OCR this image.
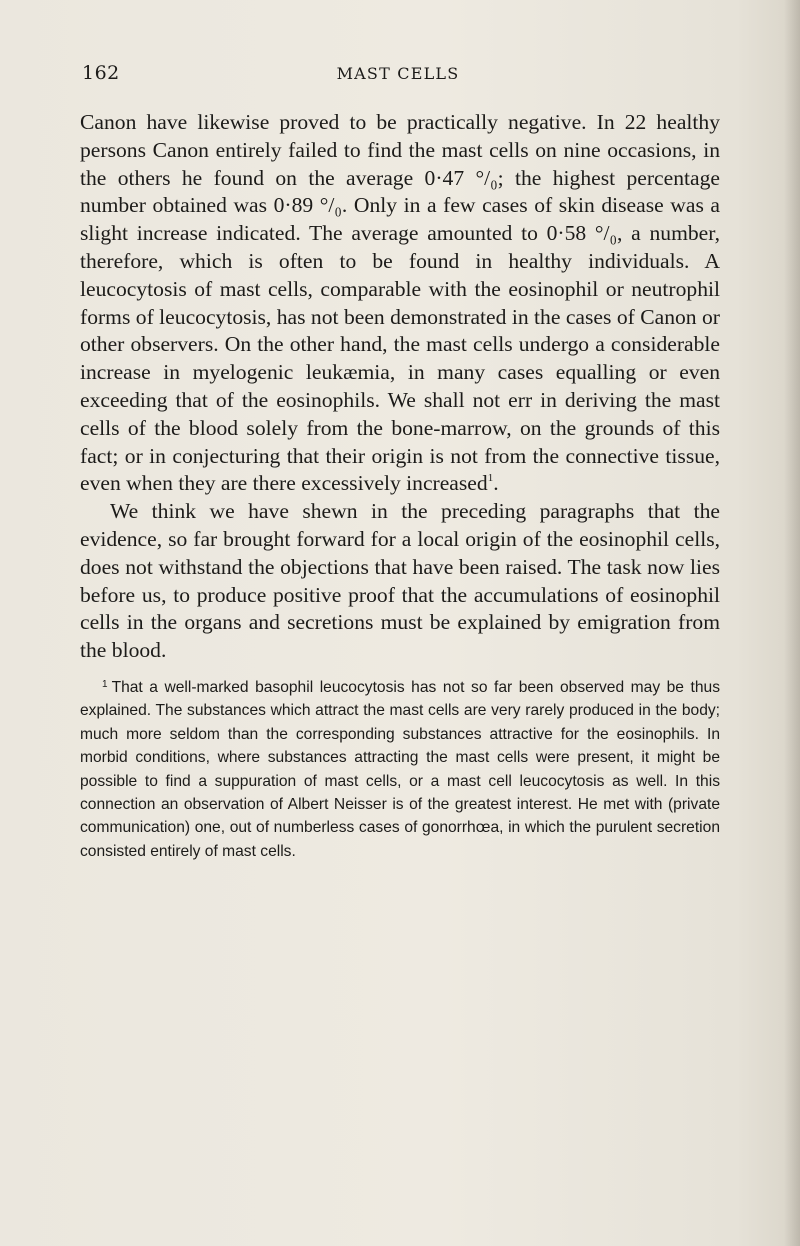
162	MAST CELLS

Canon have likewise proved to be practically negative. In 22 healthy persons Canon entirely failed to find the mast cells on nine occasions, in the others he found on the average 0·47 °/₀; the highest percentage number obtained was 0·89 °/₀. Only in a few cases of skin disease was a slight increase indicated. The average amounted to 0·58 °/₀, a number, therefore, which is often to be found in healthy individuals. A leucocytosis of mast cells, comparable with the eosinophil or neutrophil forms of leucocytosis, has not been demonstrated in the cases of Canon or other observers. On the other hand, the mast cells undergo a considerable increase in myelogenic leukæmia, in many cases equalling or even exceeding that of the eosinophils. We shall not err in deriving the mast cells of the blood solely from the bone-marrow, on the grounds of this fact; or in conjecturing that their origin is not from the connective tissue, even when they are there excessively increased$^1$.

We think we have shewn in the preceding paragraphs that the evidence, so far brought forward for a local origin of the eosinophil cells, does not withstand the objections that have been raised. The task now lies before us, to produce positive proof that the accumulations of eosinophil cells in the organs and secretions must be explained by emigration from the blood.

$^1$ That a well-marked basophil leucocytosis has not so far been observed may be thus explained. The substances which attract the mast cells are very rarely produced in the body; much more seldom than the corresponding substances attractive for the eosinophils. In morbid conditions, where substances attracting the mast cells were present, it might be possible to find a suppuration of mast cells, or a mast cell leucocytosis as well. In this connection an observation of Albert Neisser is of the greatest interest. He met with (private communication) one, out of numberless cases of gonorrhœa, in which the purulent secretion consisted entirely of mast cells.
